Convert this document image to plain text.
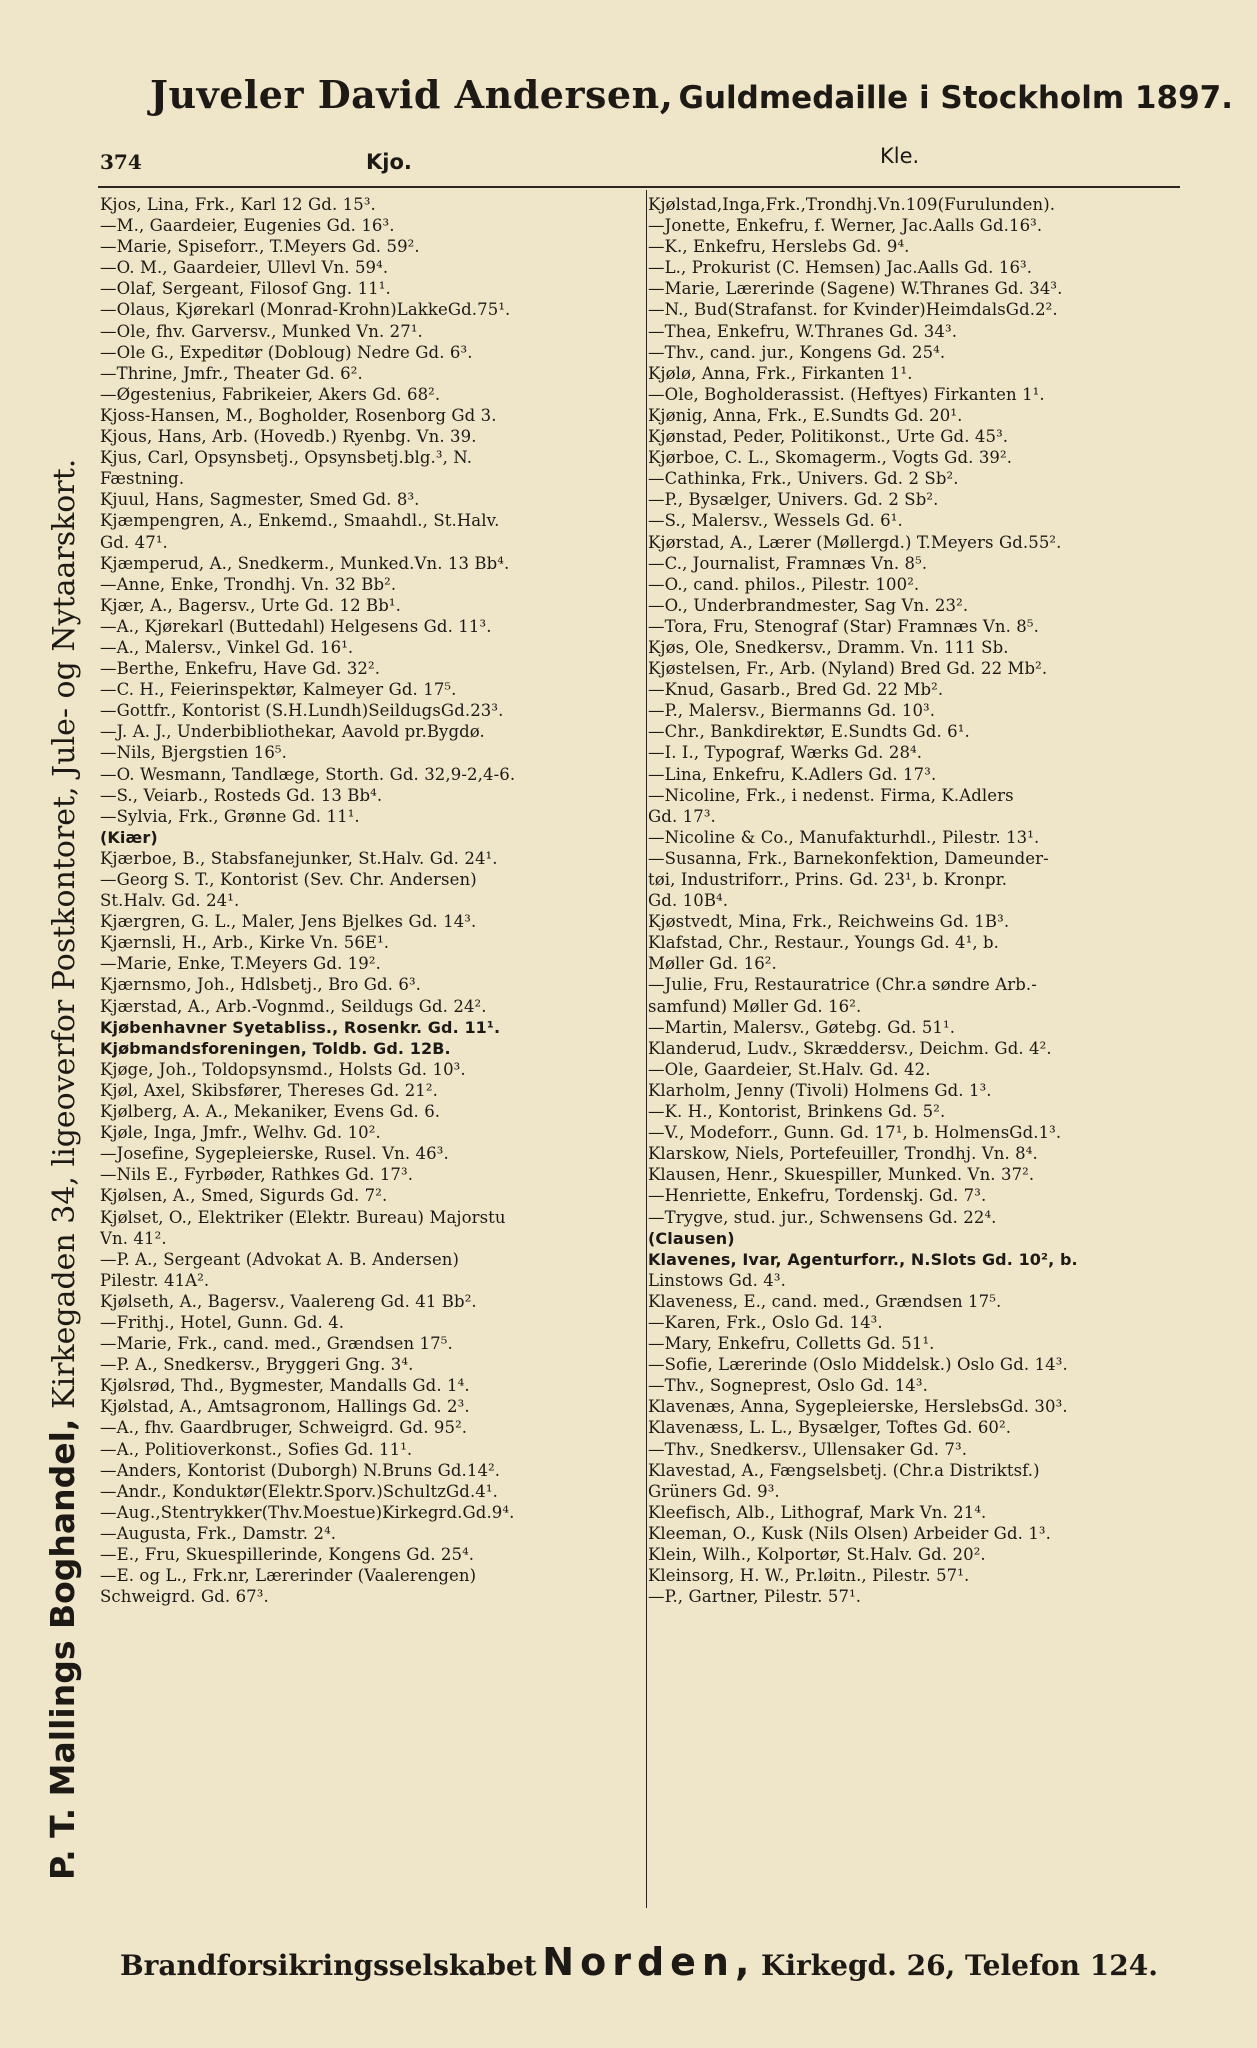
Juveler David Andersen, Guldmedaille i Stockholm 1897.
374	Kjo.	Kle.
P. T. Mallings Boghandel, Kirkegaden 34, ligeoverfor Postkontoret, Jule- og Nytaarskort.
Kjos, Lina, Frk., Karl 12 Gd. 15³.
—M., Gaardeier, Eugenies Gd. 16³.
—Marie, Spiseforr., T.Meyers Gd. 59².
—O. M., Gaardeier, Ullevl Vn. 59⁴.
—Olaf, Sergeant, Filosof Gng. 11¹.
—Olaus, Kjørekarl (Monrad-Krohn)LakkeGd.75¹.
—Ole, fhv. Garversv., Munked Vn. 27¹.
—Ole G., Expeditør (Dobloug) Nedre Gd. 6³.
—Thrine, Jmfr., Theater Gd. 6².
—Øgestenius, Fabrikeier, Akers Gd. 68².
Kjoss-Hansen, M., Bogholder, Rosenborg Gd 3.
Kjous, Hans, Arb. (Hovedb.) Ryenbg. Vn. 39.
Kjus, Carl, Opsynsbetj., Opsynsbetj.blg.³, N.
Fæstning.
Kjuul, Hans, Sagmester, Smed Gd. 8³.
Kjæmpengren, A., Enkemd., Smaahdl., St.Halv.
Gd. 47¹.
Kjæmperud, A., Snedkerm., Munked.Vn. 13 Bb⁴.
—Anne, Enke, Trondhj. Vn. 32 Bb².
Kjær, A., Bagersv., Urte Gd. 12 Bb¹.
—A., Kjørekarl (Buttedahl) Helgesens Gd. 11³.
—A., Malersv., Vinkel Gd. 16¹.
—Berthe, Enkefru, Have Gd. 32².
—C. H., Feierinspektør, Kalmeyer Gd. 17⁵.
—Gottfr., Kontorist (S.H.Lundh)SeildugsGd.23³.
—J. A. J., Underbibliothekar, Aavold pr.Bygdø.
—Nils, Bjergstien 16⁵.
—O. Wesmann, Tandlæge, Storth. Gd. 32,9-2,4-6.
—S., Veiarb., Rosteds Gd. 13 Bb⁴.
—Sylvia, Frk., Grønne Gd. 11¹.
(Kiær)
Kjærboe, B., Stabsfanejunker, St.Halv. Gd. 24¹.
—Georg S. T., Kontorist (Sev. Chr. Andersen)
St.Halv. Gd. 24¹.
Kjærgren, G. L., Maler, Jens Bjelkes Gd. 14³.
Kjærnsli, H., Arb., Kirke Vn. 56E¹.
—Marie, Enke, T.Meyers Gd. 19².
Kjærnsmo, Joh., Hdlsbetj., Bro Gd. 6³.
Kjærstad, A., Arb.-Vognmd., Seildugs Gd. 24².
Kjøbenhavner Syetabliss., Rosenkr. Gd. 11¹.
Kjøbmandsforeningen, Toldb. Gd. 12B.
Kjøge, Joh., Toldopsynsmd., Holsts Gd. 10³.
Kjøl, Axel, Skibsfører, Thereses Gd. 21².
Kjølberg, A. A., Mekaniker, Evens Gd. 6.
Kjøle, Inga, Jmfr., Welhv. Gd. 10².
—Josefine, Sygepleierske, Rusel. Vn. 46³.
—Nils E., Fyrbøder, Rathkes Gd. 17³.
Kjølsen, A., Smed, Sigurds Gd. 7².
Kjølset, O., Elektriker (Elektr. Bureau) Majorstu
Vn. 41².
—P. A., Sergeant (Advokat A. B. Andersen)
Pilestr. 41A².
Kjølseth, A., Bagersv., Vaalereng Gd. 41 Bb².
—Frithj., Hotel, Gunn. Gd. 4.
—Marie, Frk., cand. med., Grændsen 17⁵.
—P. A., Snedkersv., Bryggeri Gng. 3⁴.
Kjølsrød, Thd., Bygmester, Mandalls Gd. 1⁴.
Kjølstad, A., Amtsagronom, Hallings Gd. 2³.
—A., fhv. Gaardbruger, Schweigrd. Gd. 95².
—A., Politioverkonst., Sofies Gd. 11¹.
—Anders, Kontorist (Duborgh) N.Bruns Gd.14².
—Andr., Konduktør(Elektr.Sporv.)SchultzGd.4¹.
—Aug.,Stentrykker(Thv.Moestue)Kirkegrd.Gd.9⁴.
—Augusta, Frk., Damstr. 2⁴.
—E., Fru, Skuespillerinde, Kongens Gd. 25⁴.
—E. og L., Frk.nr, Lærerinder (Vaalerengen)
Schweigrd. Gd. 67³.
Kjølstad,Inga,Frk.,Trondhj.Vn.109(Furulunden).
—Jonette, Enkefru, f. Werner, Jac.Aalls Gd.16³.
—K., Enkefru, Herslebs Gd. 9⁴.
—L., Prokurist (C. Hemsen) Jac.Aalls Gd. 16³.
—Marie, Lærerinde (Sagene) W.Thranes Gd. 34³.
—N., Bud(Strafanst. for Kvinder)HeimdalsGd.2².
—Thea, Enkefru, W.Thranes Gd. 34³.
—Thv., cand. jur., Kongens Gd. 25⁴.
Kjølø, Anna, Frk., Firkanten 1¹.
—Ole, Bogholderassist. (Heftyes) Firkanten 1¹.
Kjønig, Anna, Frk., E.Sundts Gd. 20¹.
Kjønstad, Peder, Politikonst., Urte Gd. 45³.
Kjørboe, C. L., Skomagerm., Vogts Gd. 39².
—Cathinka, Frk., Univers. Gd. 2 Sb².
—P., Bysælger, Univers. Gd. 2 Sb².
—S., Malersv., Wessels Gd. 6¹.
Kjørstad, A., Lærer (Møllergd.) T.Meyers Gd.55².
—C., Journalist, Framnæs Vn. 8⁵.
—O., cand. philos., Pilestr. 100².
—O., Underbrandmester, Sag Vn. 23².
—Tora, Fru, Stenograf (Star) Framnæs Vn. 8⁵.
Kjøs, Ole, Snedkersv., Dramm. Vn. 111 Sb.
Kjøstelsen, Fr., Arb. (Nyland) Bred Gd. 22 Mb².
—Knud, Gasarb., Bred Gd. 22 Mb².
—P., Malersv., Biermanns Gd. 10³.
—Chr., Bankdirektør, E.Sundts Gd. 6¹.
—I. I., Typograf, Wærks Gd. 28⁴.
—Lina, Enkefru, K.Adlers Gd. 17³.
—Nicoline, Frk., i nedenst. Firma, K.Adlers
Gd. 17³.
—Nicoline & Co., Manufakturhdl., Pilestr. 13¹.
—Susanna, Frk., Barnekonfektion, Dameunder-
tøi, Industriforr., Prins. Gd. 23¹, b. Kronpr.
Gd. 10B⁴.
Kjøstvedt, Mina, Frk., Reichweins Gd. 1B³.
Klafstad, Chr., Restaur., Youngs Gd. 4¹, b.
Møller Gd. 16².
—Julie, Fru, Restauratrice (Chr.a søndre Arb.-
samfund) Møller Gd. 16².
—Martin, Malersv., Gøtebg. Gd. 51¹.
Klanderud, Ludv., Skræddersv., Deichm. Gd. 4².
—Ole, Gaardeier, St.Halv. Gd. 42.
Klarholm, Jenny (Tivoli) Holmens Gd. 1³.
—K. H., Kontorist, Brinkens Gd. 5².
—V., Modeforr., Gunn. Gd. 17¹, b. HolmensGd.1³.
Klarskow, Niels, Portefeuiller, Trondhj. Vn. 8⁴.
Klausen, Henr., Skuespiller, Munked. Vn. 37².
—Henriette, Enkefru, Tordenskj. Gd. 7³.
—Trygve, stud. jur., Schwensens Gd. 22⁴.
(Clausen)
Klavenes, Ivar, Agenturforr., N.Slots Gd. 10², b.
Linstows Gd. 4³.
Klaveness, E., cand. med., Grændsen 17⁵.
—Karen, Frk., Oslo Gd. 14³.
—Mary, Enkefru, Colletts Gd. 51¹.
—Sofie, Lærerinde (Oslo Middelsk.) Oslo Gd. 14³.
—Thv., Sogneprest, Oslo Gd. 14³.
Klavenæs, Anna, Sygepleierske, HerslebsGd. 30³.
Klavenæss, L. L., Bysælger, Toftes Gd. 60².
—Thv., Snedkersv., Ullensaker Gd. 7³.
Klavestad, A., Fængselsbetj. (Chr.a Distriktsf.)
Grüners Gd. 9³.
Kleefisch, Alb., Lithograf, Mark Vn. 21⁴.
Kleeman, O., Kusk (Nils Olsen) Arbeider Gd. 1³.
Klein, Wilh., Kolportør, St.Halv. Gd. 20².
Kleinsorg, H. W., Pr.løitn., Pilestr. 57¹.
—P., Gartner, Pilestr. 57¹.
Brandforsikringsselskabet Norden, Kirkegd. 26, Telefon 124.
